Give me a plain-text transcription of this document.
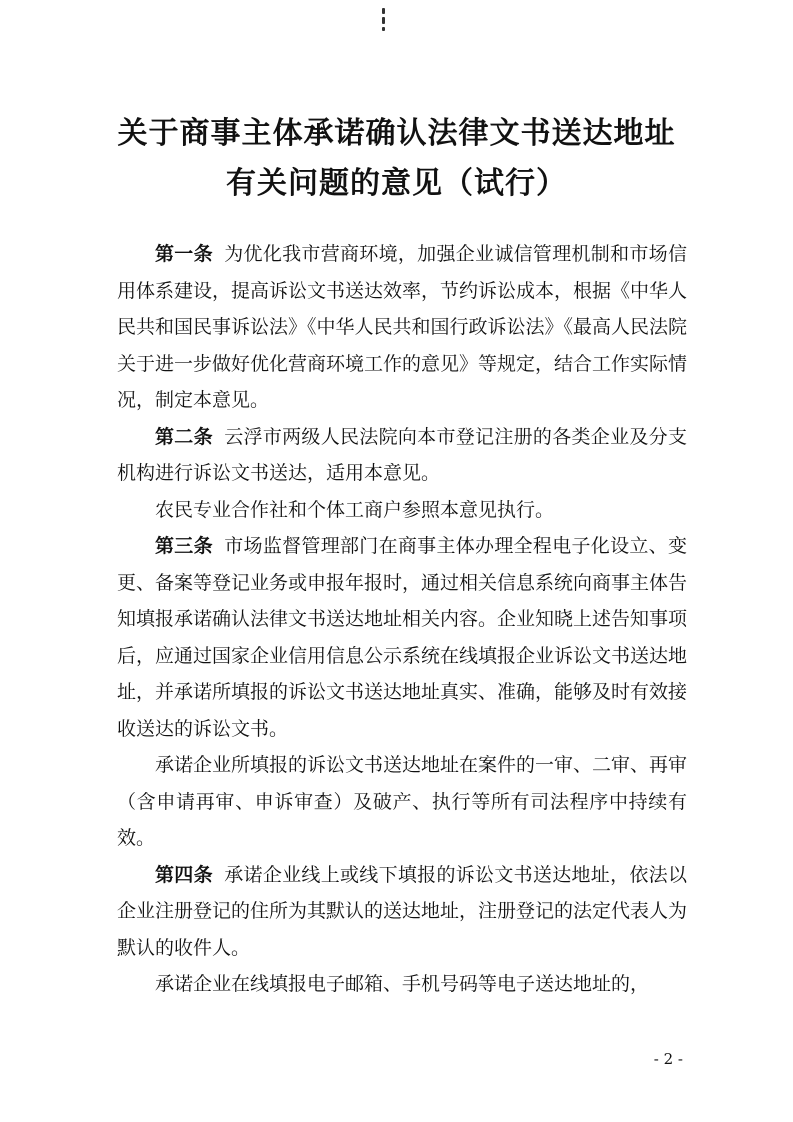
关于商事主体承诺确认法律文书送达地址
有关问题的意见（试行）

第一条 为优化我市营商环境，加强企业诚信管理机制和市场信用体系建设，提高诉讼文书送达效率，节约诉讼成本，根据《中华人民共和国民事诉讼法》《中华人民共和国行政诉讼法》《最高人民法院关于进一步做好优化营商环境工作的意见》等规定，结合工作实际情况，制定本意见。

第二条 云浮市两级人民法院向本市登记注册的各类企业及分支机构进行诉讼文书送达，适用本意见。

农民专业合作社和个体工商户参照本意见执行。

第三条 市场监督管理部门在商事主体办理全程电子化设立、变更、备案等登记业务或申报年报时，通过相关信息系统向商事主体告知填报承诺确认法律文书送达地址相关内容。企业知晓上述告知事项后，应通过国家企业信用信息公示系统在线填报企业诉讼文书送达地址，并承诺所填报的诉讼文书送达地址真实、准确，能够及时有效接收送达的诉讼文书。

承诺企业所填报的诉讼文书送达地址在案件的一审、二审、再审（含申请再审、申诉审查）及破产、执行等所有司法程序中持续有效。

第四条 承诺企业线上或线下填报的诉讼文书送达地址，依法以企业注册登记的住所为其默认的送达地址，注册登记的法定代表人为默认的收件人。

承诺企业在线填报电子邮箱、手机号码等电子送达地址的，

- 2 -
